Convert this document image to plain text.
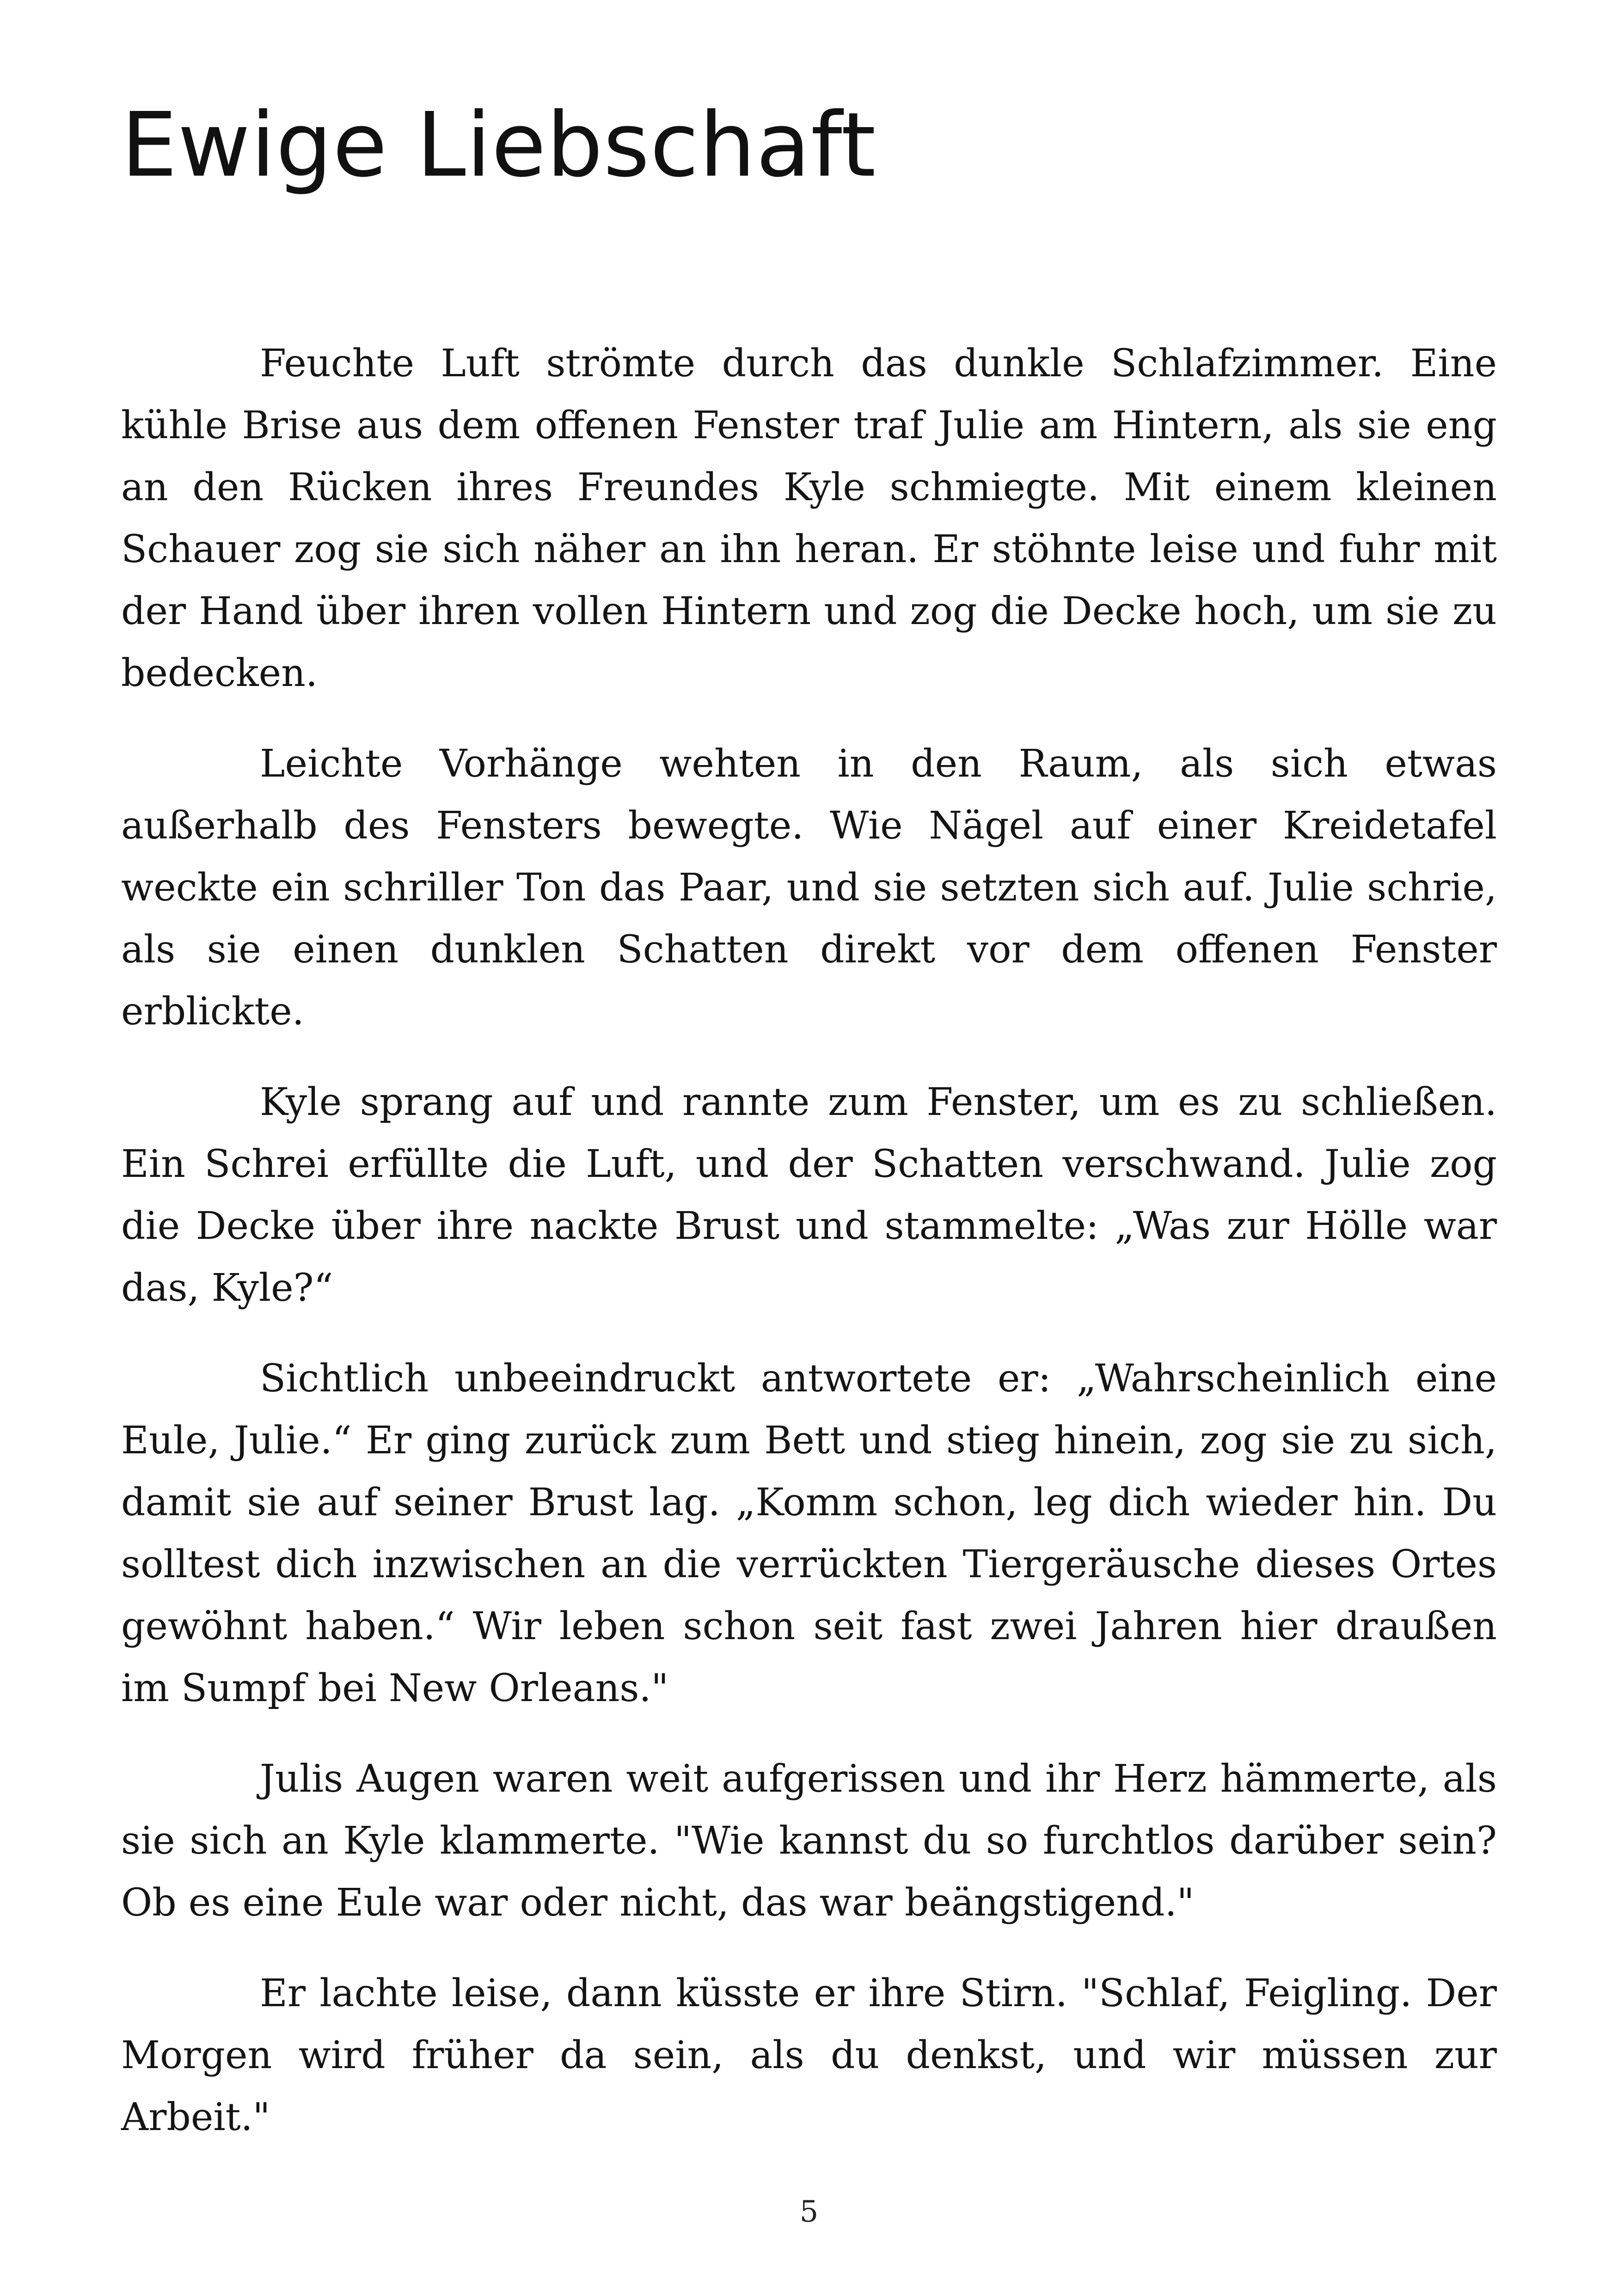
Ewige Liebschaft

Feuchte Luft strömte durch das dunkle Schlafzimmer. Eine kühle Brise aus dem offenen Fenster traf Julie am Hintern, als sie eng an den Rücken ihres Freundes Kyle schmiegte. Mit einem kleinen Schauer zog sie sich näher an ihn heran. Er stöhnte leise und fuhr mit der Hand über ihren vollen Hintern und zog die Decke hoch, um sie zu bedecken.

Leichte Vorhänge wehten in den Raum, als sich etwas außerhalb des Fensters bewegte. Wie Nägel auf einer Kreidetafel weckte ein schriller Ton das Paar, und sie setzten sich auf. Julie schrie, als sie einen dunklen Schatten direkt vor dem offenen Fenster erblickte.

Kyle sprang auf und rannte zum Fenster, um es zu schließen. Ein Schrei erfüllte die Luft, und der Schatten verschwand. Julie zog die Decke über ihre nackte Brust und stammelte: „Was zur Hölle war das, Kyle?“

Sichtlich unbeeindruckt antwortete er: „Wahrscheinlich eine Eule, Julie.“ Er ging zurück zum Bett und stieg hinein, zog sie zu sich, damit sie auf seiner Brust lag. „Komm schon, leg dich wieder hin. Du solltest dich inzwischen an die verrückten Tiergeräusche dieses Ortes gewöhnt haben.“ Wir leben schon seit fast zwei Jahren hier draußen im Sumpf bei New Orleans."

Julis Augen waren weit aufgerissen und ihr Herz hämmerte, als sie sich an Kyle klammerte. "Wie kannst du so furchtlos darüber sein? Ob es eine Eule war oder nicht, das war beängstigend."

Er lachte leise, dann küsste er ihre Stirn. "Schlaf, Feigling. Der Morgen wird früher da sein, als du denkst, und wir müssen zur Arbeit."

5
